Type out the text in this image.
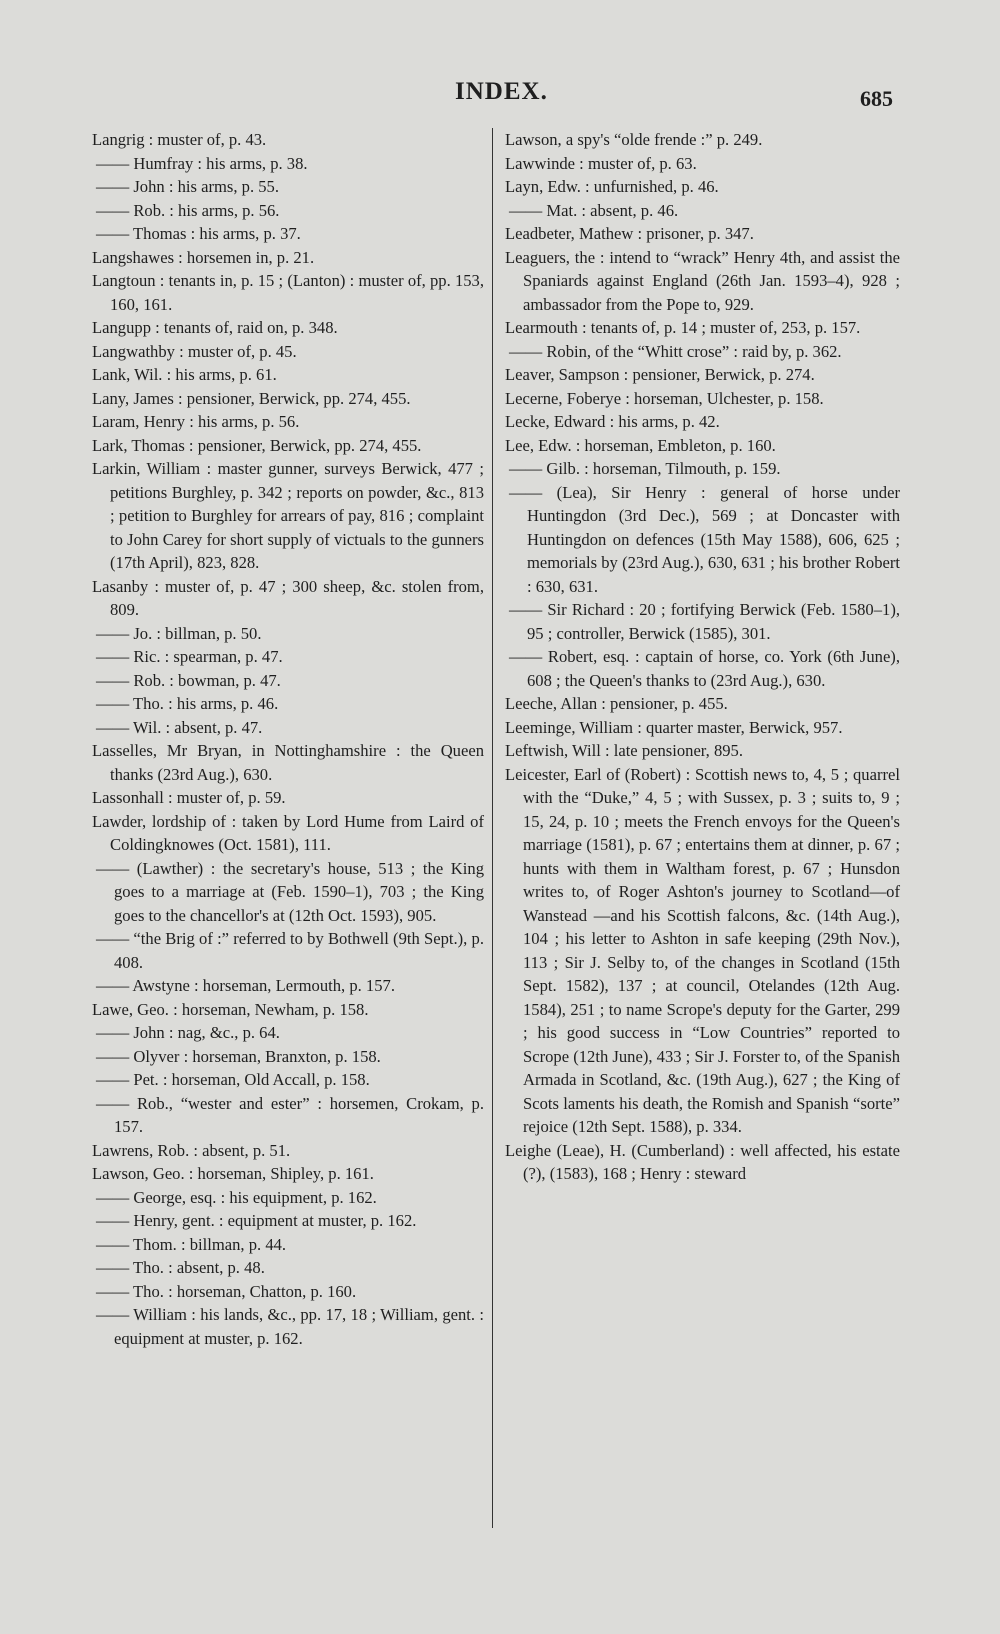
INDEX.	685
Langrig : muster of, p. 43.
—— Humfray : his arms, p. 38.
—— John : his arms, p. 55.
—— Rob. : his arms, p. 56.
—— Thomas : his arms, p. 37.
Langshawes : horsemen in, p. 21.
Langtoun : tenants in, p. 15 ; (Lanton) : muster of, pp. 153, 160, 161.
Langupp : tenants of, raid on, p. 348.
Langwathby : muster of, p. 45.
Lank, Wil. : his arms, p. 61.
Lany, James : pensioner, Berwick, pp. 274, 455.
Laram, Henry : his arms, p. 56.
Lark, Thomas : pensioner, Berwick, pp. 274, 455.
Larkin, William : master gunner, surveys Berwick, 477 ; petitions Burghley, p. 342 ; reports on powder, &c., 813 ; petition to Burghley for arrears of pay, 816 ; complaint to John Carey for short supply of victuals to the gunners (17th April), 823, 828.
Lasanby : muster of, p. 47 ; 300 sheep, &c. stolen from, 809.
—— Jo. : billman, p. 50.
—— Ric. : spearman, p. 47.
—— Rob. : bowman, p. 47.
—— Tho. : his arms, p. 46.
—— Wil. : absent, p. 47.
Lasselles, Mr Bryan, in Nottinghamshire : the Queen thanks (23rd Aug.), 630.
Lassonhall : muster of, p. 59.
Lawder, lordship of : taken by Lord Hume from Laird of Coldingknowes (Oct. 1581), 111.
—— (Lawther) : the secretary's house, 513 ; the King goes to a marriage at (Feb. 1590–1), 703 ; the King goes to the chancellor's at (12th Oct. 1593), 905.
—— “the Brig of :” referred to by Bothwell (9th Sept.), p. 408.
—— Awstyne : horseman, Lermouth, p. 157.
Lawe, Geo. : horseman, Newham, p. 158.
—— John : nag, &c., p. 64.
—— Olyver : horseman, Branxton, p. 158.
—— Pet. : horseman, Old Accall, p. 158.
—— Rob., “wester and ester” : horsemen, Crokam, p. 157.
Lawrens, Rob. : absent, p. 51.
Lawson, Geo. : horseman, Shipley, p. 161.
—— George, esq. : his equipment, p. 162.
—— Henry, gent. : equipment at muster, p. 162.
—— Thom. : billman, p. 44.
—— Tho. : absent, p. 48.
—— Tho. : horseman, Chatton, p. 160.
—— William : his lands, &c., pp. 17, 18 ; William, gent. : equipment at muster, p. 162.
Lawson, a spy's “olde frende :” p. 249.
Lawwinde : muster of, p. 63.
Layn, Edw. : unfurnished, p. 46.
—— Mat. : absent, p. 46.
Leadbeter, Mathew : prisoner, p. 347.
Leaguers, the : intend to “wrack” Henry 4th, and assist the Spaniards against England (26th Jan. 1593–4), 928 ; ambassador from the Pope to, 929.
Learmouth : tenants of, p. 14 ; muster of, 253, p. 157.
—— Robin, of the “Whitt crose” : raid by, p. 362.
Leaver, Sampson : pensioner, Berwick, p. 274.
Lecerne, Foberye : horseman, Ulchester, p. 158.
Lecke, Edward : his arms, p. 42.
Lee, Edw. : horseman, Embleton, p. 160.
—— Gilb. : horseman, Tilmouth, p. 159.
—— (Lea), Sir Henry : general of horse under Huntingdon (3rd Dec.), 569 ; at Doncaster with Huntingdon on defences (15th May 1588), 606, 625 ; memorials by (23rd Aug.), 630, 631 ; his brother Robert : 630, 631.
—— Sir Richard : 20 ; fortifying Berwick (Feb. 1580–1), 95 ; controller, Berwick (1585), 301.
—— Robert, esq. : captain of horse, co. York (6th June), 608 ; the Queen's thanks to (23rd Aug.), 630.
Leeche, Allan : pensioner, p. 455.
Leeminge, William : quarter master, Berwick, 957.
Leftwish, Will : late pensioner, 895.
Leicester, Earl of (Robert) : Scottish news to, 4, 5 ; quarrel with the “Duke,” 4, 5 ; with Sussex, p. 3 ; suits to, 9 ; 15, 24, p. 10 ; meets the French envoys for the Queen's marriage (1581), p. 67 ; entertains them at dinner, p. 67 ; hunts with them in Waltham forest, p. 67 ; Hunsdon writes to, of Roger Ashton's journey to Scotland—of Wanstead —and his Scottish falcons, &c. (14th Aug.), 104 ; his letter to Ashton in safe keeping (29th Nov.), 113 ; Sir J. Selby to, of the changes in Scotland (15th Sept. 1582), 137 ; at council, Otelandes (12th Aug. 1584), 251 ; to name Scrope's deputy for the Garter, 299 ; his good success in “Low Countries” reported to Scrope (12th June), 433 ; Sir J. Forster to, of the Spanish Armada in Scotland, &c. (19th Aug.), 627 ; the King of Scots laments his death, the Romish and Spanish “sorte” rejoice (12th Sept. 1588), p. 334.
Leighe (Leae), H. (Cumberland) : well affected, his estate (?), (1583), 168 ; Henry : steward
